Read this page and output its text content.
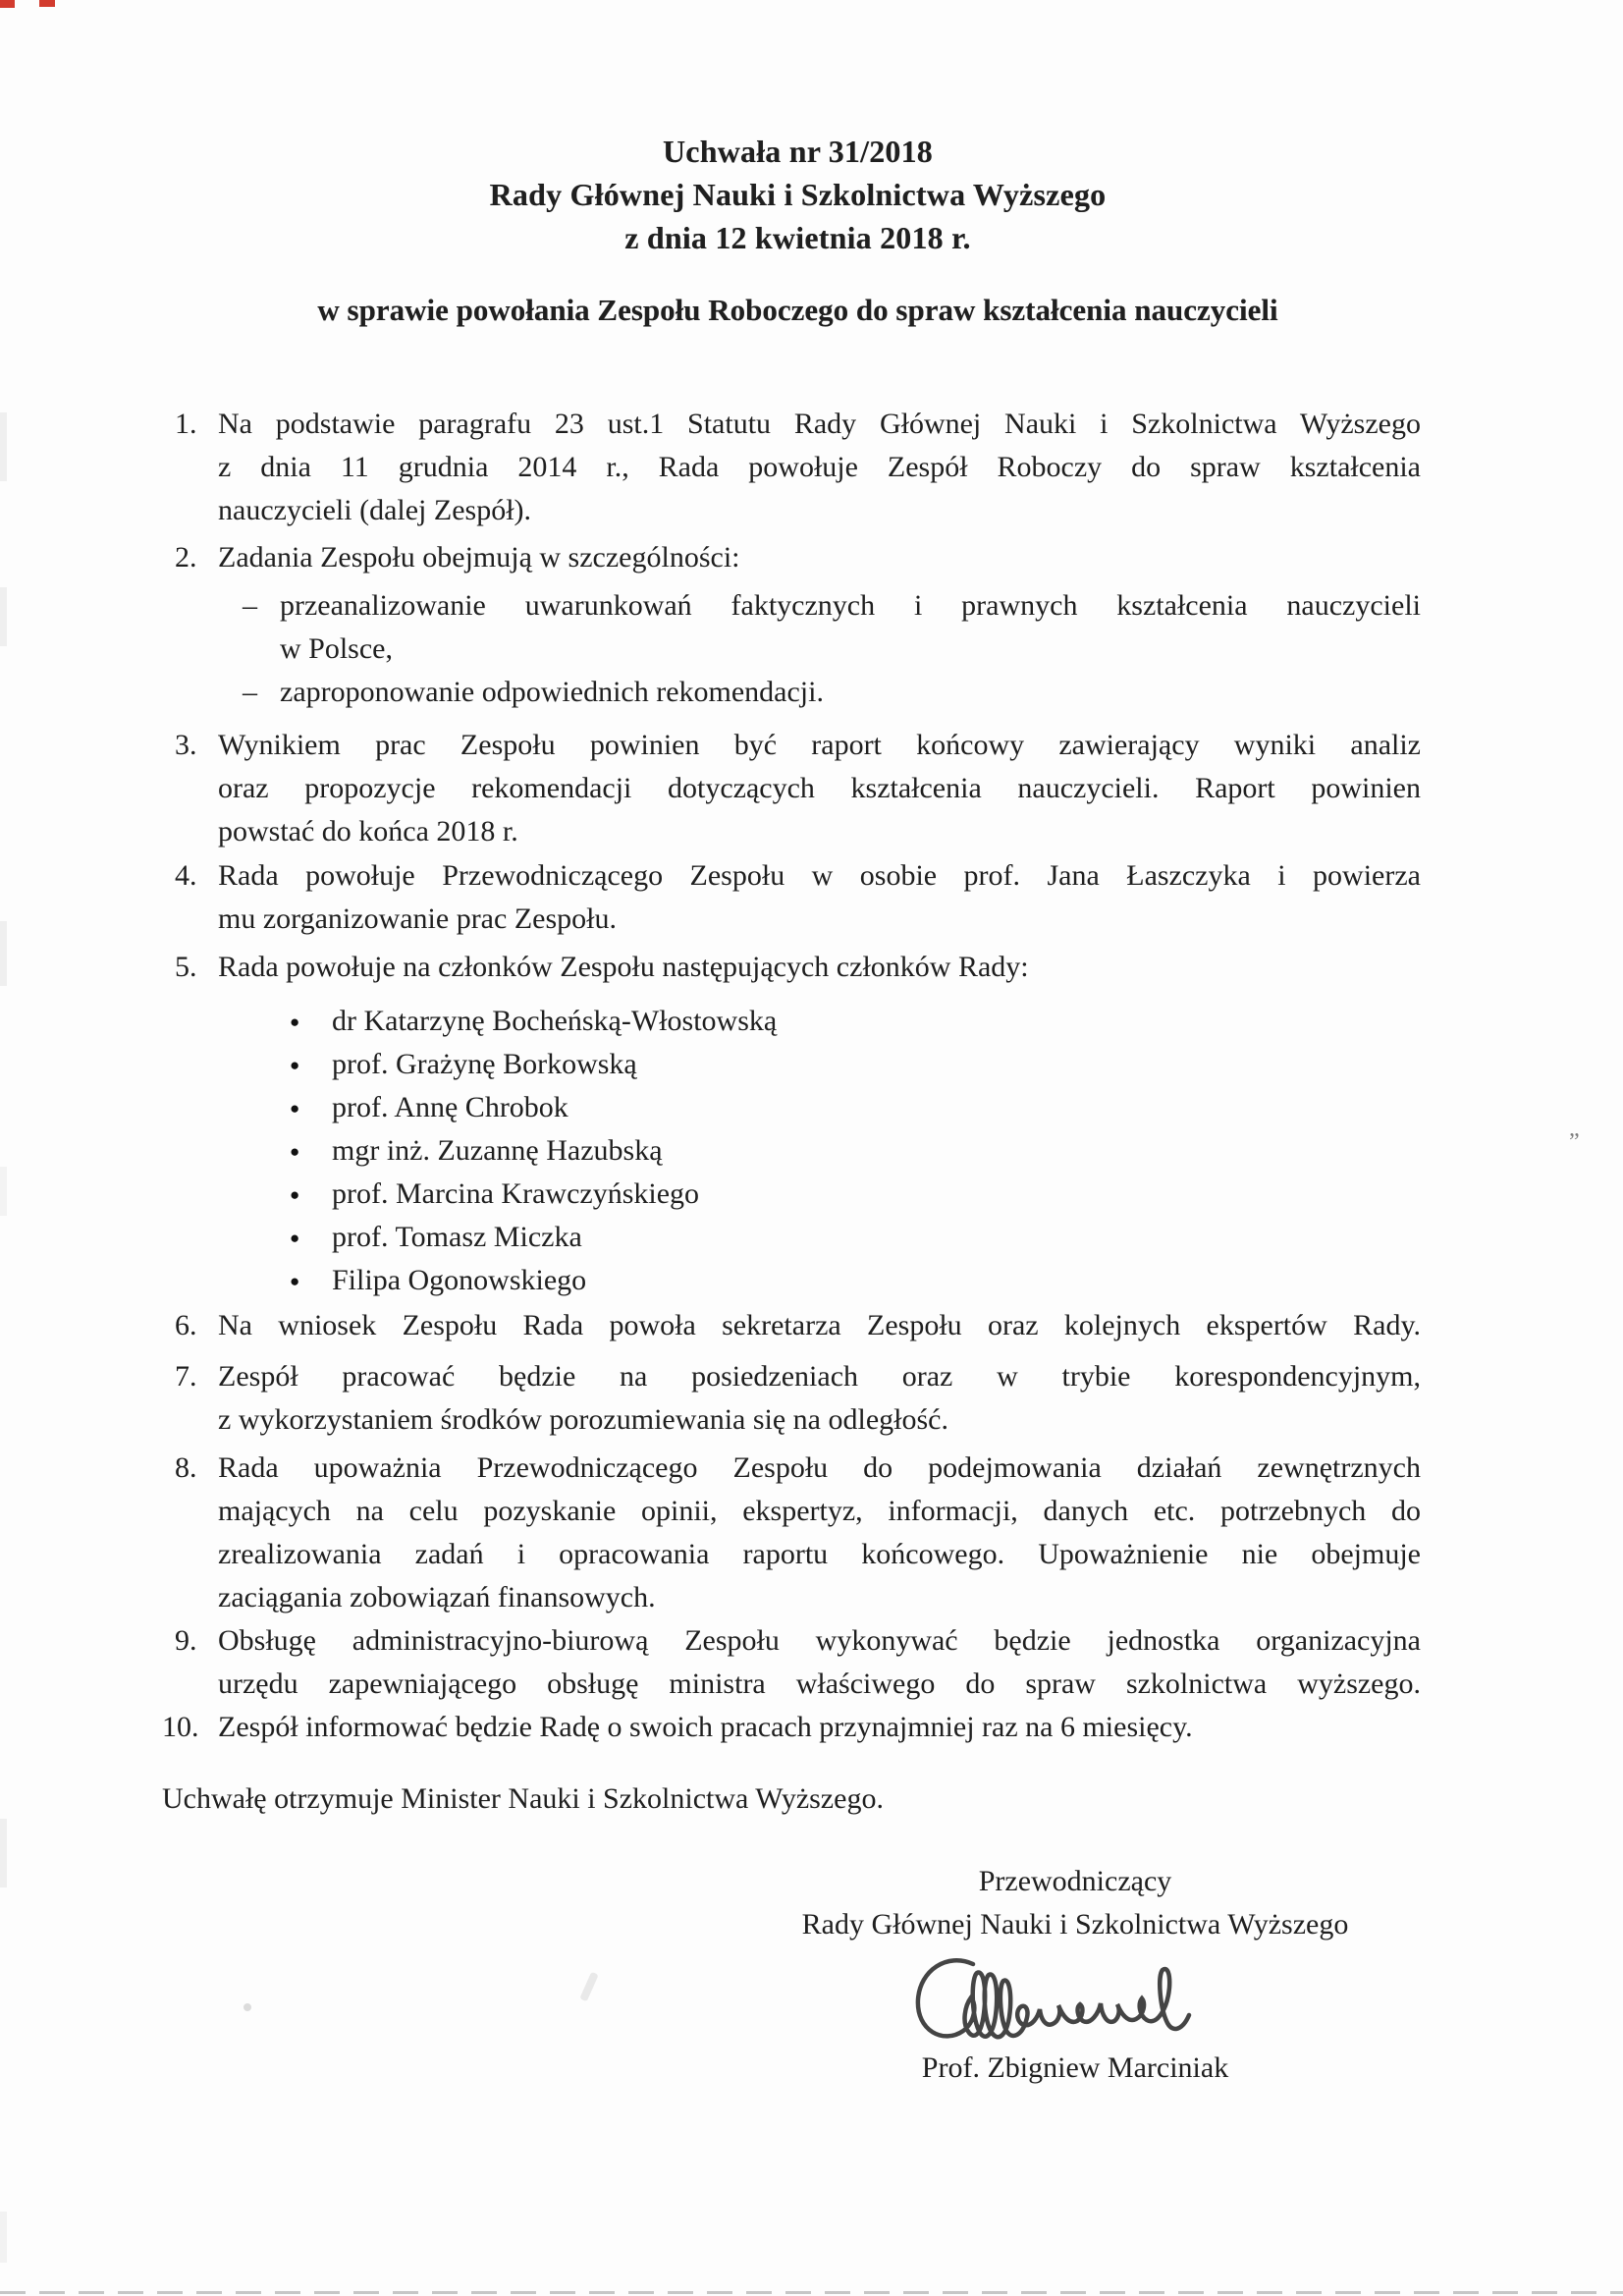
”
Uchwała nr 31/2018
Rady Głównej Nauki i Szkolnictwa Wyższego
z dnia 12 kwietnia 2018 r.
w sprawie powołania Zespołu Roboczego do spraw kształcenia nauczycieli
1. Na podstawie paragrafu 23 ust.1 Statutu Rady Głównej Nauki i Szkolnictwa Wyższego
z dnia 11 grudnia 2014 r., Rada powołuje Zespół Roboczy do spraw kształcenia
nauczycieli (dalej Zespół).
2. Zadania Zespołu obejmują w szczególności:
– przeanalizowanie uwarunkowań faktycznych i prawnych kształcenia nauczycieli
w Polsce,
– zaproponowanie odpowiednich rekomendacji.
3. Wynikiem prac Zespołu powinien być raport końcowy zawierający wyniki analiz
oraz propozycje rekomendacji dotyczących kształcenia nauczycieli. Raport powinien
powstać do końca 2018 r.
4. Rada powołuje Przewodniczącego Zespołu w osobie prof. Jana Łaszczyka i powierza
mu zorganizowanie prac Zespołu.
5. Rada powołuje na członków Zespołu następujących członków Rady:
● dr Katarzynę Bocheńską-Włostowską
● prof. Grażynę Borkowską
● prof. Annę Chrobok
● mgr inż. Zuzannę Hazubską
● prof. Marcina Krawczyńskiego
● prof. Tomasz Miczka
● Filipa Ogonowskiego
6. Na wniosek Zespołu Rada powoła sekretarza Zespołu oraz kolejnych ekspertów Rady.
7. Zespół pracować będzie na posiedzeniach oraz w trybie korespondencyjnym,
z wykorzystaniem środków porozumiewania się na odległość.
8. Rada upoważnia Przewodniczącego Zespołu do podejmowania działań zewnętrznych
mających na celu pozyskanie opinii, ekspertyz, informacji, danych etc. potrzebnych do
zrealizowania zadań i opracowania raportu końcowego. Upoważnienie nie obejmuje
zaciągania zobowiązań finansowych.
9. Obsługę administracyjno-biurową Zespołu wykonywać będzie jednostka organizacyjna
urzędu zapewniającego obsługę ministra właściwego do spraw szkolnictwa wyższego.
10. Zespół informować będzie Radę o swoich pracach przynajmniej raz na 6 miesięcy.
Uchwałę otrzymuje Minister Nauki i Szkolnictwa Wyższego.
Przewodniczący
Rady Głównej Nauki i Szkolnictwa Wyższego
Prof. Zbigniew Marciniak
